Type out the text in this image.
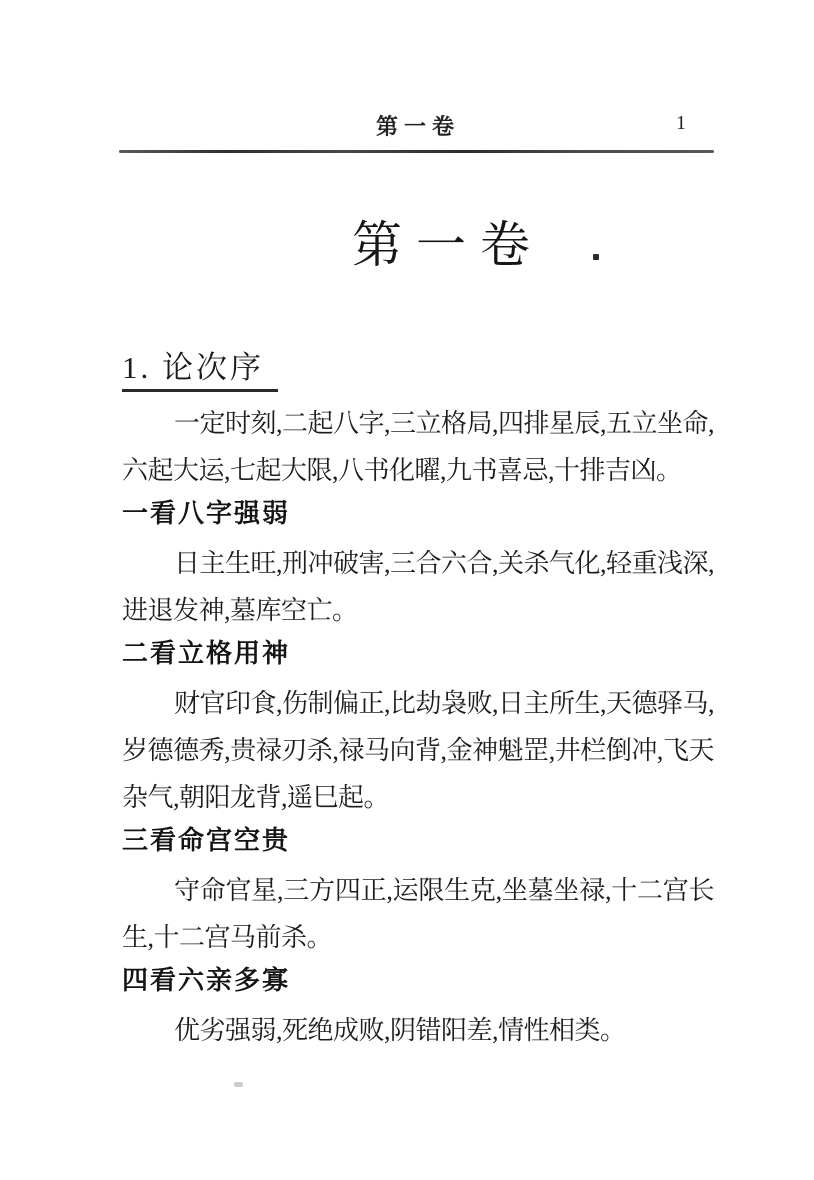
第一卷	1
第一卷
1. 论次序

一定时刻,二起八字,三立格局,四排星辰,五立坐命,六起大运,七起大限,八书化曜,九书喜忌,十排吉凶。

一看八字强弱

日主生旺,刑冲破害,三合六合,关杀气化,轻重浅深,进退发神,墓库空亡。

二看立格用神

财官印食,伤制偏正,比劫袅败,日主所生,天德驿马,岁德德秀,贵禄刃杀,禄马向背,金神魁罡,井栏倒冲,飞天杂气,朝阳龙背,遥巳起。

三看命宫空贵

守命官星,三方四正,运限生克,坐墓坐禄,十二宫长生,十二宫马前杀。

四看六亲多寡

优劣强弱,死绝成败,阴错阳差,情性相类。
